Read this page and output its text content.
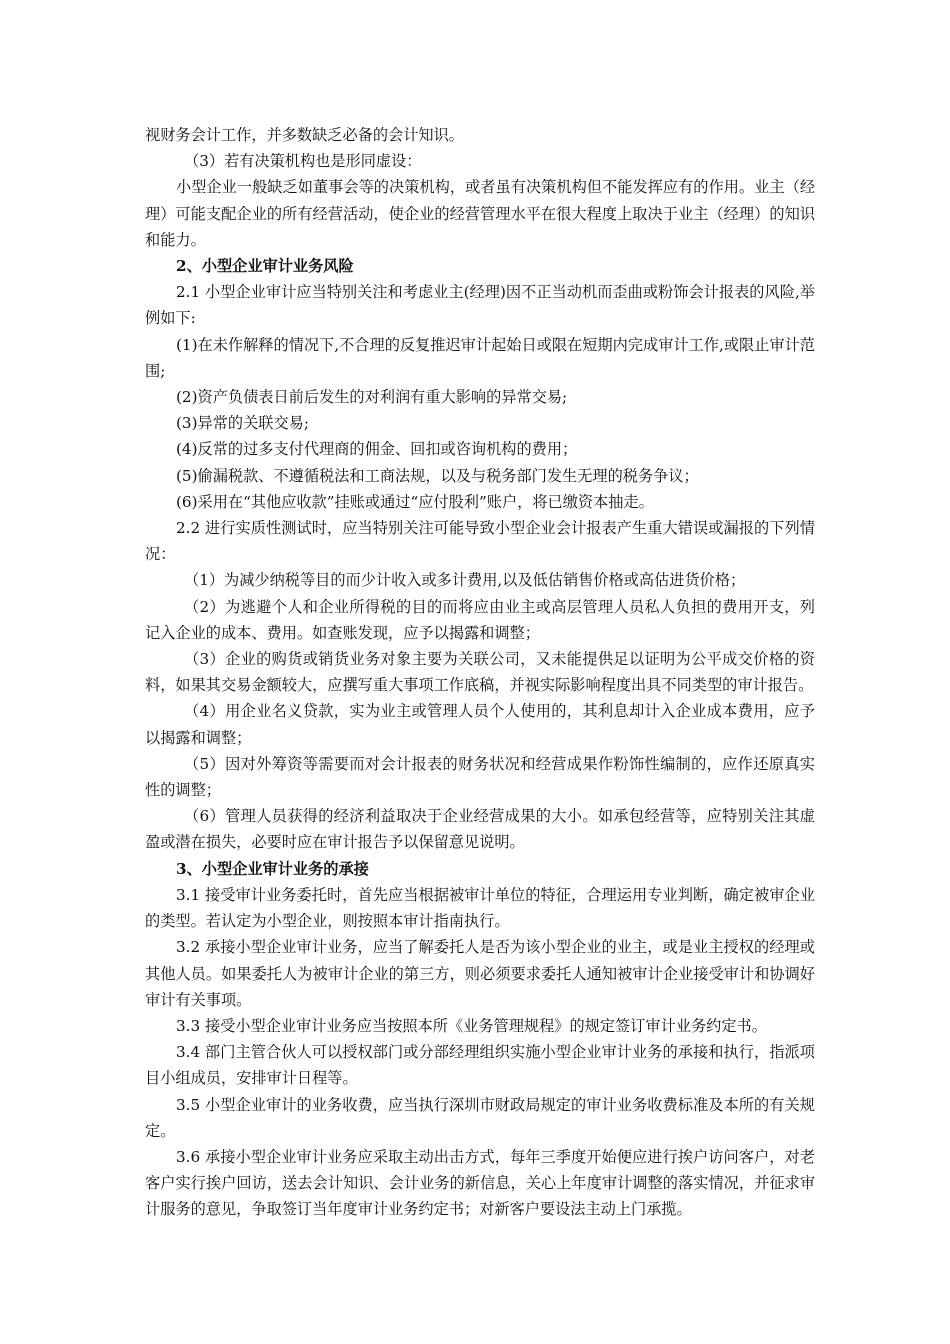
视财务会计工作，并多数缺乏必备的会计知识。

（3）若有决策机构也是形同虚设：

小型企业一般缺乏如董事会等的决策机构，或者虽有决策机构但不能发挥应有的作用。业主（经理）可能支配企业的所有经营活动，使企业的经营管理水平在很大程度上取决于业主（经理）的知识和能力。

2、小型企业审计业务风险

2.1 小型企业审计应当特别关注和考虑业主(经理)因不正当动机而歪曲或粉饰会计报表的风险,举例如下:

(1)在未作解释的情况下,不合理的反复推迟审计起始日或限在短期内完成审计工作,或限止审计范围;

(2)资产负债表日前后发生的对利润有重大影响的异常交易;

(3)异常的关联交易;

(4)反常的过多支付代理商的佣金、回扣或咨询机构的费用；

(5)偷漏税款、不遵循税法和工商法规，以及与税务部门发生无理的税务争议；

(6)采用在“其他应收款”挂账或通过“应付股利”账户，将已缴资本抽走。

2.2 进行实质性测试时，应当特别关注可能导致小型企业会计报表产生重大错误或漏报的下列情况：

（1）为减少纳税等目的而少计收入或多计费用,以及低估销售价格或高估进货价格；

（2）为逃避个人和企业所得税的目的而将应由业主或高层管理人员私人负担的费用开支，列记入企业的成本、费用。如查账发现，应予以揭露和调整；

（3）企业的购货或销货业务对象主要为关联公司，又未能提供足以证明为公平成交价格的资料，如果其交易金额较大，应撰写重大事项工作底稿，并视实际影响程度出具不同类型的审计报告。

（4）用企业名义贷款，实为业主或管理人员个人使用的，其利息却计入企业成本费用，应予以揭露和调整；

（5）因对外筹资等需要而对会计报表的财务状况和经营成果作粉饰性编制的，应作还原真实性的调整；

（6）管理人员获得的经济利益取决于企业经营成果的大小。如承包经营等，应特别关注其虚盈或潜在损失，必要时应在审计报告予以保留意见说明。

3、小型企业审计业务的承接

3.1 接受审计业务委托时，首先应当根据被审计单位的特征，合理运用专业判断，确定被审企业的类型。若认定为小型企业，则按照本审计指南执行。

3.2 承接小型企业审计业务，应当了解委托人是否为该小型企业的业主，或是业主授权的经理或其他人员。如果委托人为被审计企业的第三方，则必须要求委托人通知被审计企业接受审计和协调好审计有关事项。

3.3 接受小型企业审计业务应当按照本所《业务管理规程》的规定签订审计业务约定书。

3.4 部门主管合伙人可以授权部门或分部经理组织实施小型企业审计业务的承接和执行，指派项目小组成员，安排审计日程等。

3.5 小型企业审计的业务收费，应当执行深圳市财政局规定的审计业务收费标准及本所的有关规定。

3.6 承接小型企业审计业务应采取主动出击方式，每年三季度开始便应进行挨户访问客户，对老客户实行挨户回访，送去会计知识、会计业务的新信息，关心上年度审计调整的落实情况，并征求审计服务的意见，争取签订当年度审计业务约定书；对新客户要设法主动上门承揽。
